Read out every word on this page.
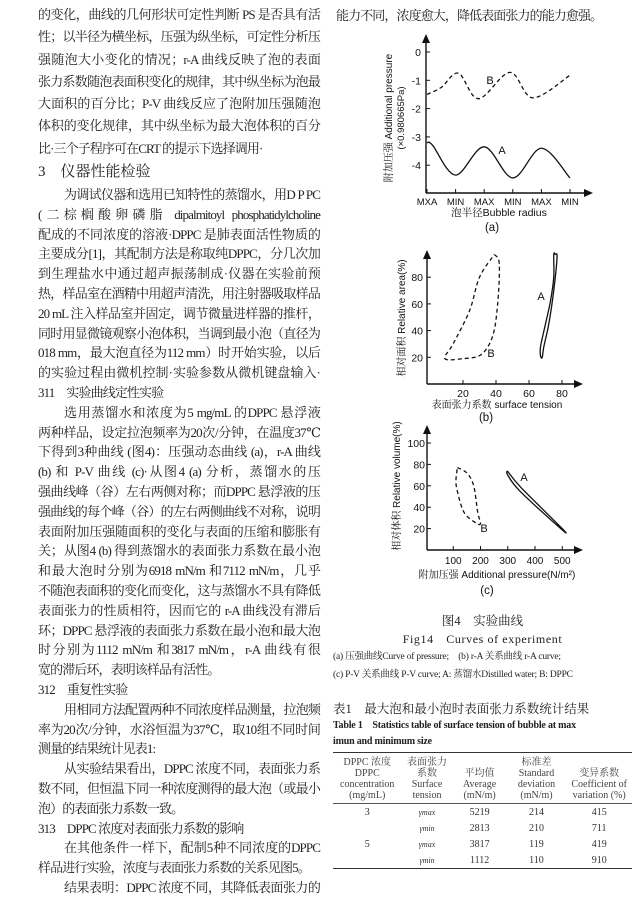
的变化，曲线的几何形状可定性判断 PS 是否具有活
性；以半径为横坐标，压强为纵坐标，可定性分析压
强随泡大小变化的情况；r-A 曲线反映了泡的表面
张力系数随泡表面积变化的规律，其中纵坐标为泡最
大面积的百分比；P-V 曲线反应了泡附加压强随泡
体积的变化规律，其中纵坐标为最大泡体积的百分
比·三个子程序可在CRT 的提示下选择调用·
3　仪器性能检验
为调试仪器和选用已知特性的蒸馏水，用D P PC
(二棕榈酸卵磷脂 dipalmitoyl phosphatidylcholine
配成的不同浓度的溶液·DPPC 是肺表面活性物质的
主要成分[1]，其配制方法是称取纯DPPC，分几次加
到生理盐水中通过超声振荡制成·仪器在实验前预
热，样品室在酒精中用超声清洗，用注射器吸取样品
20 mL 注入样品室并固定，调节微量进样器的推杆，
同时用显微镜观察小泡体积，当调到最小泡（直径为
018 mm，最大泡直径为112 mm）时开始实验，以后
的实验过程由微机控制·实验参数从微机键盘输入·
311　实验曲线定性实验
选用蒸馏水和浓度为5 mg/mL 的DPPC 悬浮液
两种样品，设定拉泡频率为20次/分钟，在温度37℃
下得到3种曲线 (图4)：压强动态曲线 (a)，r-A 曲线
(b) 和 P-V 曲线 (c)·从图4 (a) 分析，蒸馏水的压
强曲线峰（谷）左右两侧对称；而DPPC 悬浮液的压
强曲线的每个峰（谷）的左右两侧曲线不对称，说明
表面附加压强随面积的变化与表面的压缩和膨胀有
关；从图4 (b) 得到蒸馏水的表面张力系数在最小泡
和最大泡时分别为6918 mN/m 和7112 mN/m，几乎
不随泡表面积的变化而变化，这与蒸馏水不具有降低
表面张力的性质相符，因而它的 r-A 曲线没有滞后
环；DPPC 悬浮液的表面张力系数在最小泡和最大泡
时分别为1112 mN/m 和3817 mN/m，r-A 曲线有很
宽的滞后环，表明该样品有活性。
312　重复性实验
用相同方法配置两种不同浓度样品测量，拉泡频
率为20次/分钟，水浴恒温为37℃，取10组不同时间
测量的结果统计见表1:
从实验结果看出，DPPC 浓度不同，表面张力系
数不同，但恒温下同一种浓度测得的最大泡（或最小
泡）的表面张力系数一致。
313　DPPC 浓度对表面张力系数的影响
在其他条件一样下，配制5种不同浓度的DPPC
样品进行实验，浓度与表面张力系数的关系见图5。
结果表明：DPPC 浓度不同，其降低表面张力的
能力不同，浓度愈大，降低表面张力的能力愈强。
MXA MIN MAX MIN MAX MIN
0
-1
-2
-3
-4
A
B
泡半径Bubble radius
附加压强 Additional pressure (×0.980665Pa)
(a)
20 40 60 80
20
40
60
80
A
B
表面张力系数 surface tension
相对面积 Relative area(%)
(b)
100 200 300 400 500
20
40
60
80
100
A
B
附加压强 Additional pressure(N/m²)
相对体积 Relative volume(%)
(c)
图4　实验曲线
Fig14　Curves of experiment
(a) 压强曲线Curve of pressure;　(b) r-A 关系曲线 r-A curve;
(c) P-V 关系曲线 P-V curve; A: 蒸馏水Distilled water; B: DPPC
表1　最大泡和最小泡时表面张力系数统计结果
Table 1　Statistics table of surface tension of bubble at max
imun and minimum size
DPPC 浓度 DPPC concentration (mg/mL)	表面张力系数 Surface tension	平均值 Average (mN/m)	标准差 Standard deviation (mN/m)	变异系数 Coefficient of variation (%)
3	γmax	5219	214	415
	γmin	2813	210	711
5	γmax	3817	119	419
	γmin	1112	110	910
